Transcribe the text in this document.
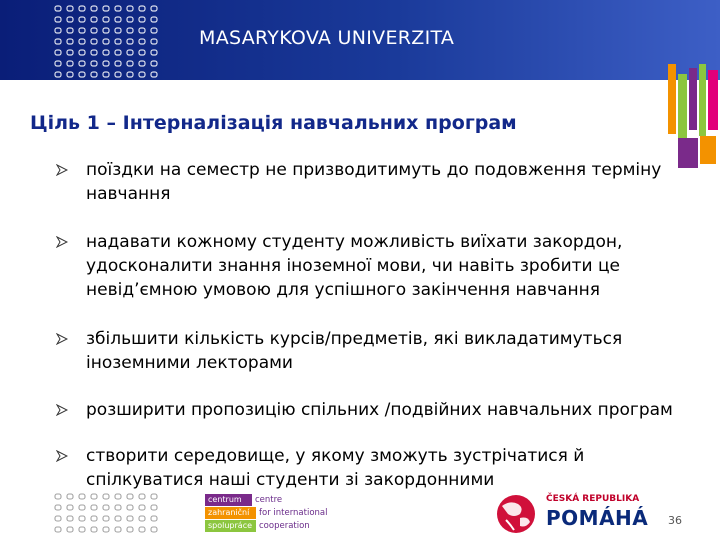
MASARYKOVA UNIVERZITA
Ціль 1 – Інтерналізація навчальних програм
поїздки на семестр не призводитимуть до подовження терміну
навчання
надавати кожному студенту можливість виїхати закордон,
удосконалити знання іноземної мови, чи навіть зробити це
невід’ємною умовою для успішного закінчення навчання
збільшити кількість курсів/предметів, які викладатимуться
іноземними лекторами
розширити пропозицію спільних /подвійних навчальних програм
створити середовище, у якому зможуть зустрічатися й
спілкуватися наші студенти зі закордонними
centrum	centre
zahraniční	for international
spolupráce cooperation
ČESKÁ REPUBLIKA
POMÁHÁ 36
